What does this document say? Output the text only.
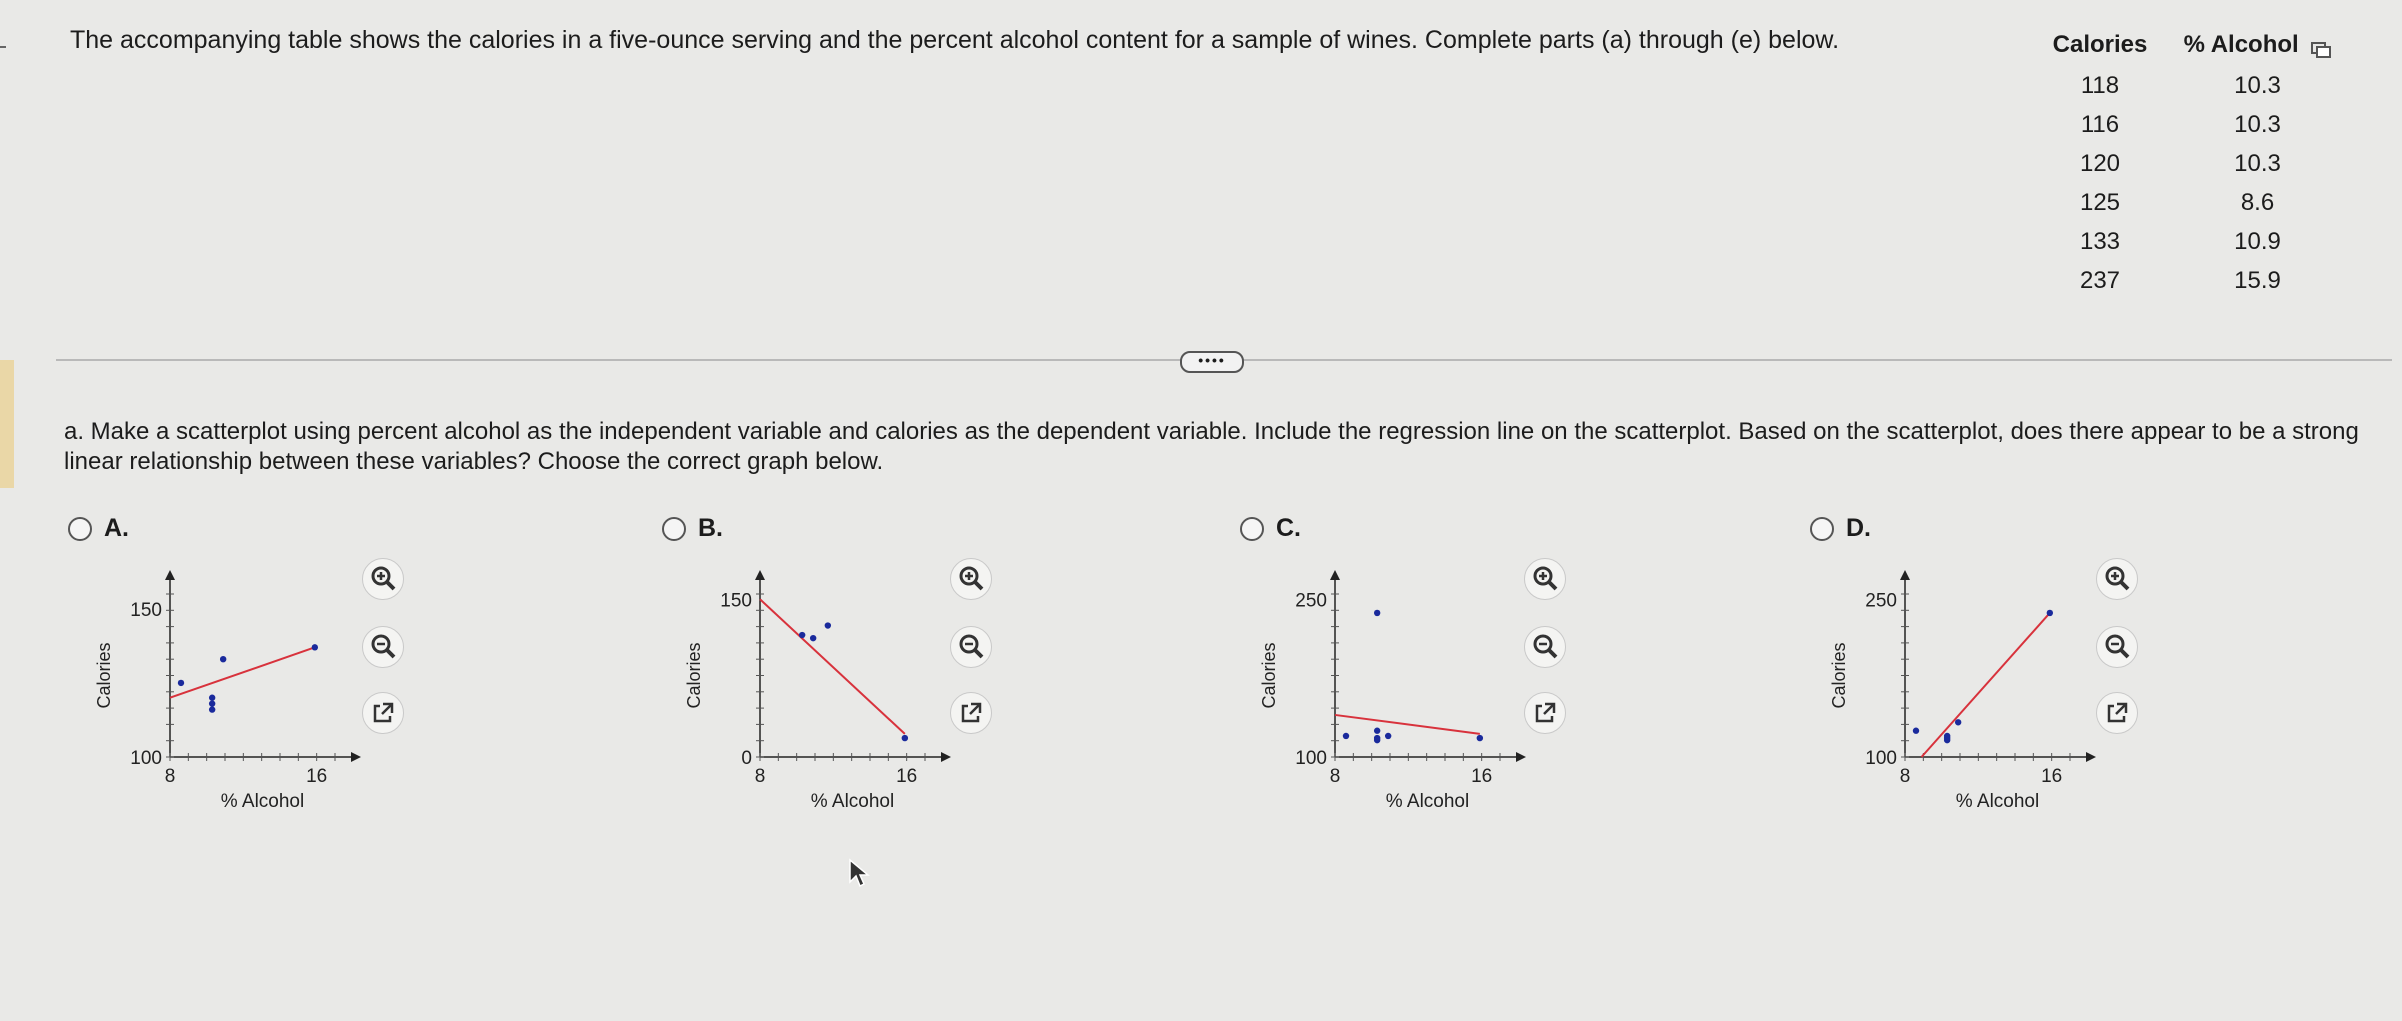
The accompanying table shows the calories in a five-ounce serving and the percent alcohol content for a sample of wines. Complete parts (a) through (e) below.	Calories	% Alcohol
118	10.3
116	10.3
120	10.3
125	8.6
133	10.9
237	15.9
••••
a. Make a scatterplot using percent alcohol as the independent variable and calories as the dependent variable. Include the regression line on the scatterplot. Based on the scatterplot, does there appear to be a strong linear relationship between these variables? Choose the correct graph below.
A.
150
100
8	16
% Alcohol
Calories
B.
150
0
8	16
% Alcohol
Calories
C.
250
100
8	16
% Alcohol
Calories
D.
250
100
8	16
% Alcohol
Calories
